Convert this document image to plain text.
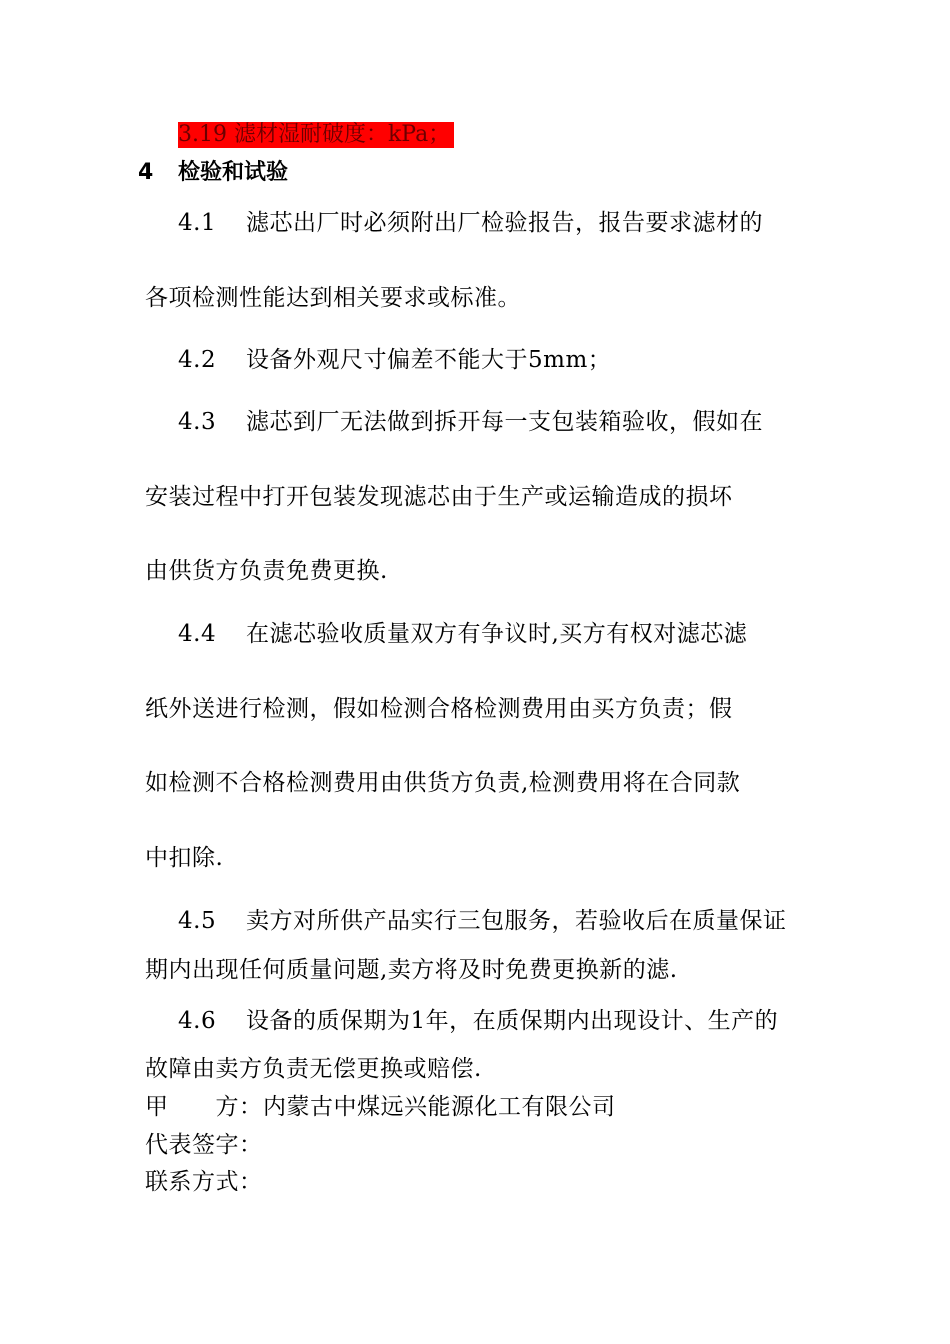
3.19 滤材湿耐破度：kPa；
4 检验和试验
4.1 滤芯出厂时必须附出厂检验报告，报告要求滤材的
各项检测性能达到相关要求或标准。
4.2 设备外观尺寸偏差不能大于5mm；
4.3 滤芯到厂无法做到拆开每一支包装箱验收，假如在
安装过程中打开包装发现滤芯由于生产或运输造成的损坏
由供货方负责免费更换.
4.4 在滤芯验收质量双方有争议时,买方有权对滤芯滤
纸外送进行检测，假如检测合格检测费用由买方负责；假
如检测不合格检测费用由供货方负责,检测费用将在合同款
中扣除.
4.5 卖方对所供产品实行三包服务，若验收后在质量保证
期内出现任何质量问题,卖方将及时免费更换新的滤.
4.6 设备的质保期为1年，在质保期内出现设计、生产的
故障由卖方负责无偿更换或赔偿.
甲　　方：内蒙古中煤远兴能源化工有限公司
代表签字：
联系方式：
